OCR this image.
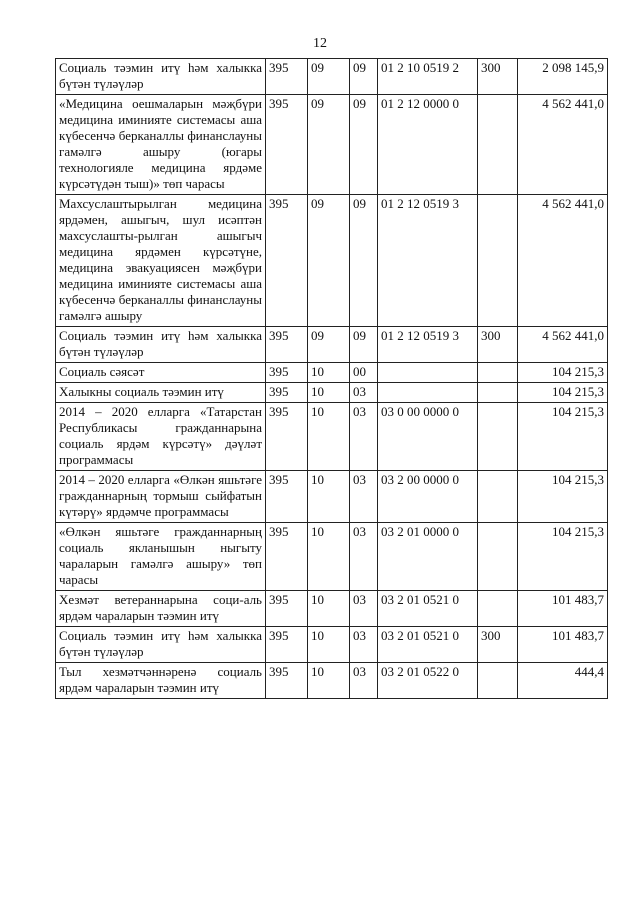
12
Социаль тәэмин итү һәм халыкка бүтән түләүләр	395	09	09	01 2 10 0519 2	300	2 098 145,9
«Медицина оешмаларын мәҗбүри медицина иминияте системасы аша күбесенчә берканаллы финанслауны гамәлгә ашыру (югары технологияле медицина ярдәме күрсәтүдән тыш)» төп чарасы	395	09	09	01 2 12 0000 0		4 562 441,0
Махсуслаштырылган медицина ярдәмен, ашыгыч, шул исәптән махсуслашты-рылган ашыгыч медицина ярдәмен күрсәтүне, медицина эвакуациясен мәҗбүри медицина иминияте системасы аша күбесенчә берканаллы финанслауны гамәлгә ашыру	395	09	09	01 2 12 0519 3		4 562 441,0
Социаль тәэмин итү һәм халыкка бүтән түләүләр	395	09	09	01 2 12 0519 3	300	4 562 441,0
Социаль сәясәт	395	10	00			104 215,3
Халыкны социаль тәэмин итү	395	10	03			104 215,3
2014 – 2020 елларга «Татарстан Республикасы гражданнарына социаль ярдәм күрсәтү» дәүләт программасы	395	10	03	03 0 00 0000 0		104 215,3
2014 – 2020 елларга «Өлкән яшьтәге гражданнарның тормыш сыйфатын күтәрү» ярдәмче программасы	395	10	03	03 2 00 0000 0		104 215,3
«Өлкән яшьтәге гражданнарның социаль якланышын ныгыту чараларын гамәлгә ашыру» төп чарасы	395	10	03	03 2 01 0000 0		104 215,3
Хезмәт ветераннарына соци-аль ярдәм чараларын тәэмин итү	395	10	03	03 2 01 0521 0		101 483,7
Социаль тәэмин итү һәм халыкка бүтән түләүләр	395	10	03	03 2 01 0521 0	300	101 483,7
Тыл хезмәтчәннәренә социаль ярдәм чараларын тәэмин итү	395	10	03	03 2 01 0522 0		444,4
